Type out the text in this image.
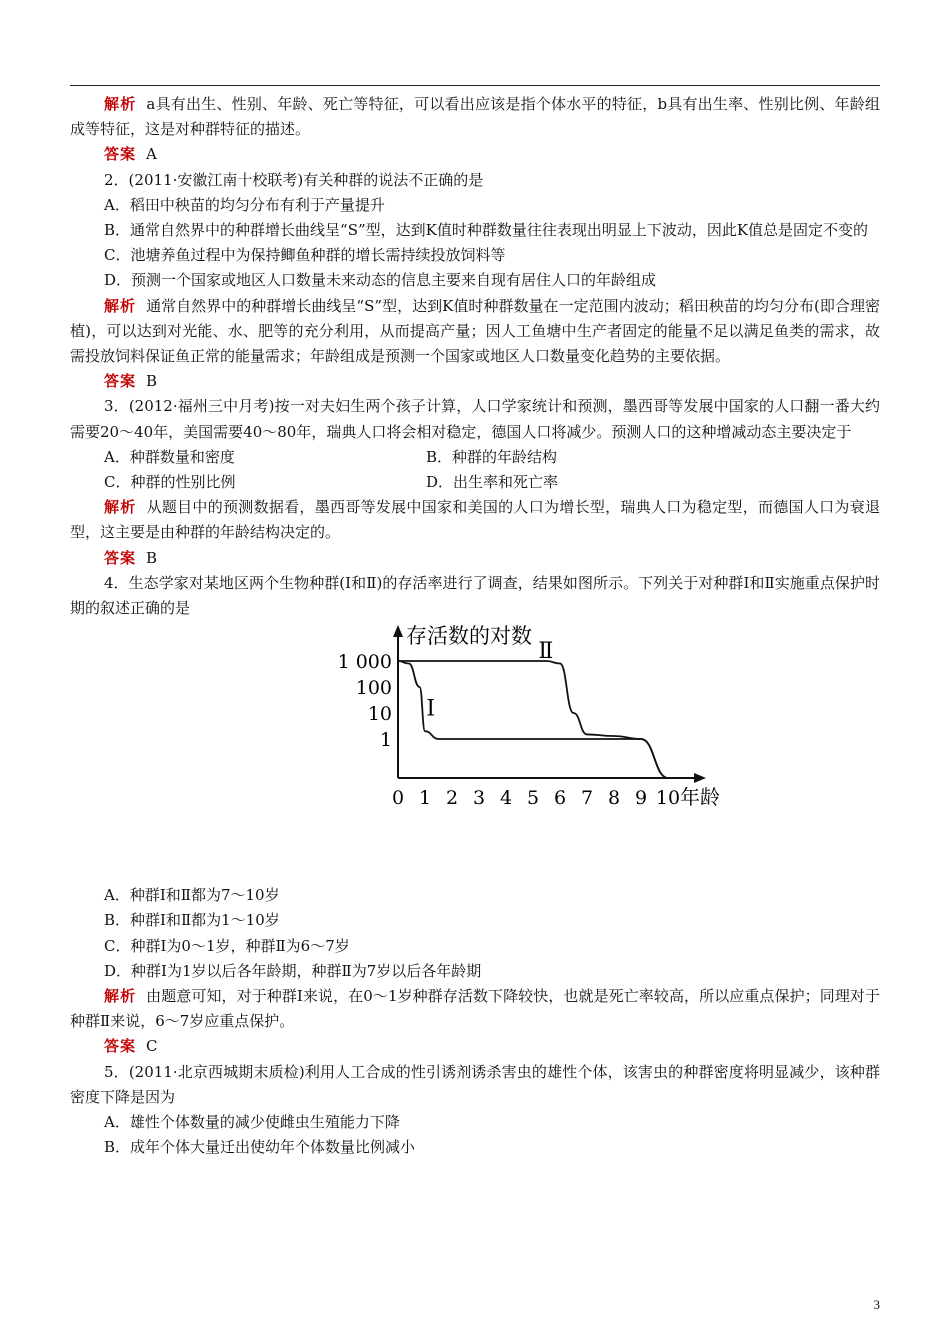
解析 a具有出生、性别、年龄、死亡等特征，可以看出应该是指个体水平的特征，b具有出生率、性别比例、年龄组成等特征，这是对种群特征的描述。

答案 A

2．(2011·安徽江南十校联考)有关种群的说法不正确的是

A．稻田中秧苗的均匀分布有利于产量提升

B．通常自然界中的种群增长曲线呈“S”型，达到K值时种群数量往往表现出明显上下波动，因此K值总是固定不变的

C．池塘养鱼过程中为保持鲫鱼种群的增长需持续投放饲料等

D．预测一个国家或地区人口数量未来动态的信息主要来自现有居住人口的年龄组成

解析 通常自然界中的种群增长曲线呈“S”型，达到K值时种群数量在一定范围内波动；稻田秧苗的均匀分布(即合理密植)，可以达到对光能、水、肥等的充分利用，从而提高产量；因人工鱼塘中生产者固定的能量不足以满足鱼类的需求，故需投放饲料保证鱼正常的能量需求；年龄组成是预测一个国家或地区人口数量变化趋势的主要依据。

答案 B

3．(2012·福州三中月考)按一对夫妇生两个孩子计算，人口学家统计和预测，墨西哥等发展中国家的人口翻一番大约需要20～40年，美国需要40～80年，瑞典人口将会相对稳定，德国人口将减少。预测人口的这种增减动态主要决定于

A．种群数量和密度	B．种群的年龄结构
C．种群的性别比例	D．出生率和死亡率

解析 从题目中的预测数据看，墨西哥等发展中国家和美国的人口为增长型，瑞典人口为稳定型，而德国人口为衰退型，这主要是由种群的年龄结构决定的。

答案 B

4．生态学家对某地区两个生物种群(Ⅰ和Ⅱ)的存活率进行了调查，结果如图所示。下列关于对种群Ⅰ和Ⅱ实施重点保护时期的叙述正确的是

存活数的对数
1 000
100
10
1
0 1 2 3 4 5 6 7 8 9 10 年龄
Ⅰ
Ⅱ

A．种群Ⅰ和Ⅱ都为7～10岁

B．种群Ⅰ和Ⅱ都为1～10岁

C．种群Ⅰ为0～1岁，种群Ⅱ为6～7岁

D．种群Ⅰ为1岁以后各年龄期，种群Ⅱ为7岁以后各年龄期

解析 由题意可知，对于种群Ⅰ来说，在0～1岁种群存活数下降较快，也就是死亡率较高，所以应重点保护；同理对于种群Ⅱ来说，6～7岁应重点保护。

答案 C

5．(2011·北京西城期末质检)利用人工合成的性引诱剂诱杀害虫的雄性个体，该害虫的种群密度将明显减少，该种群密度下降是因为

A．雄性个体数量的减少使雌虫生殖能力下降

B．成年个体大量迁出使幼年个体数量比例减小

3
